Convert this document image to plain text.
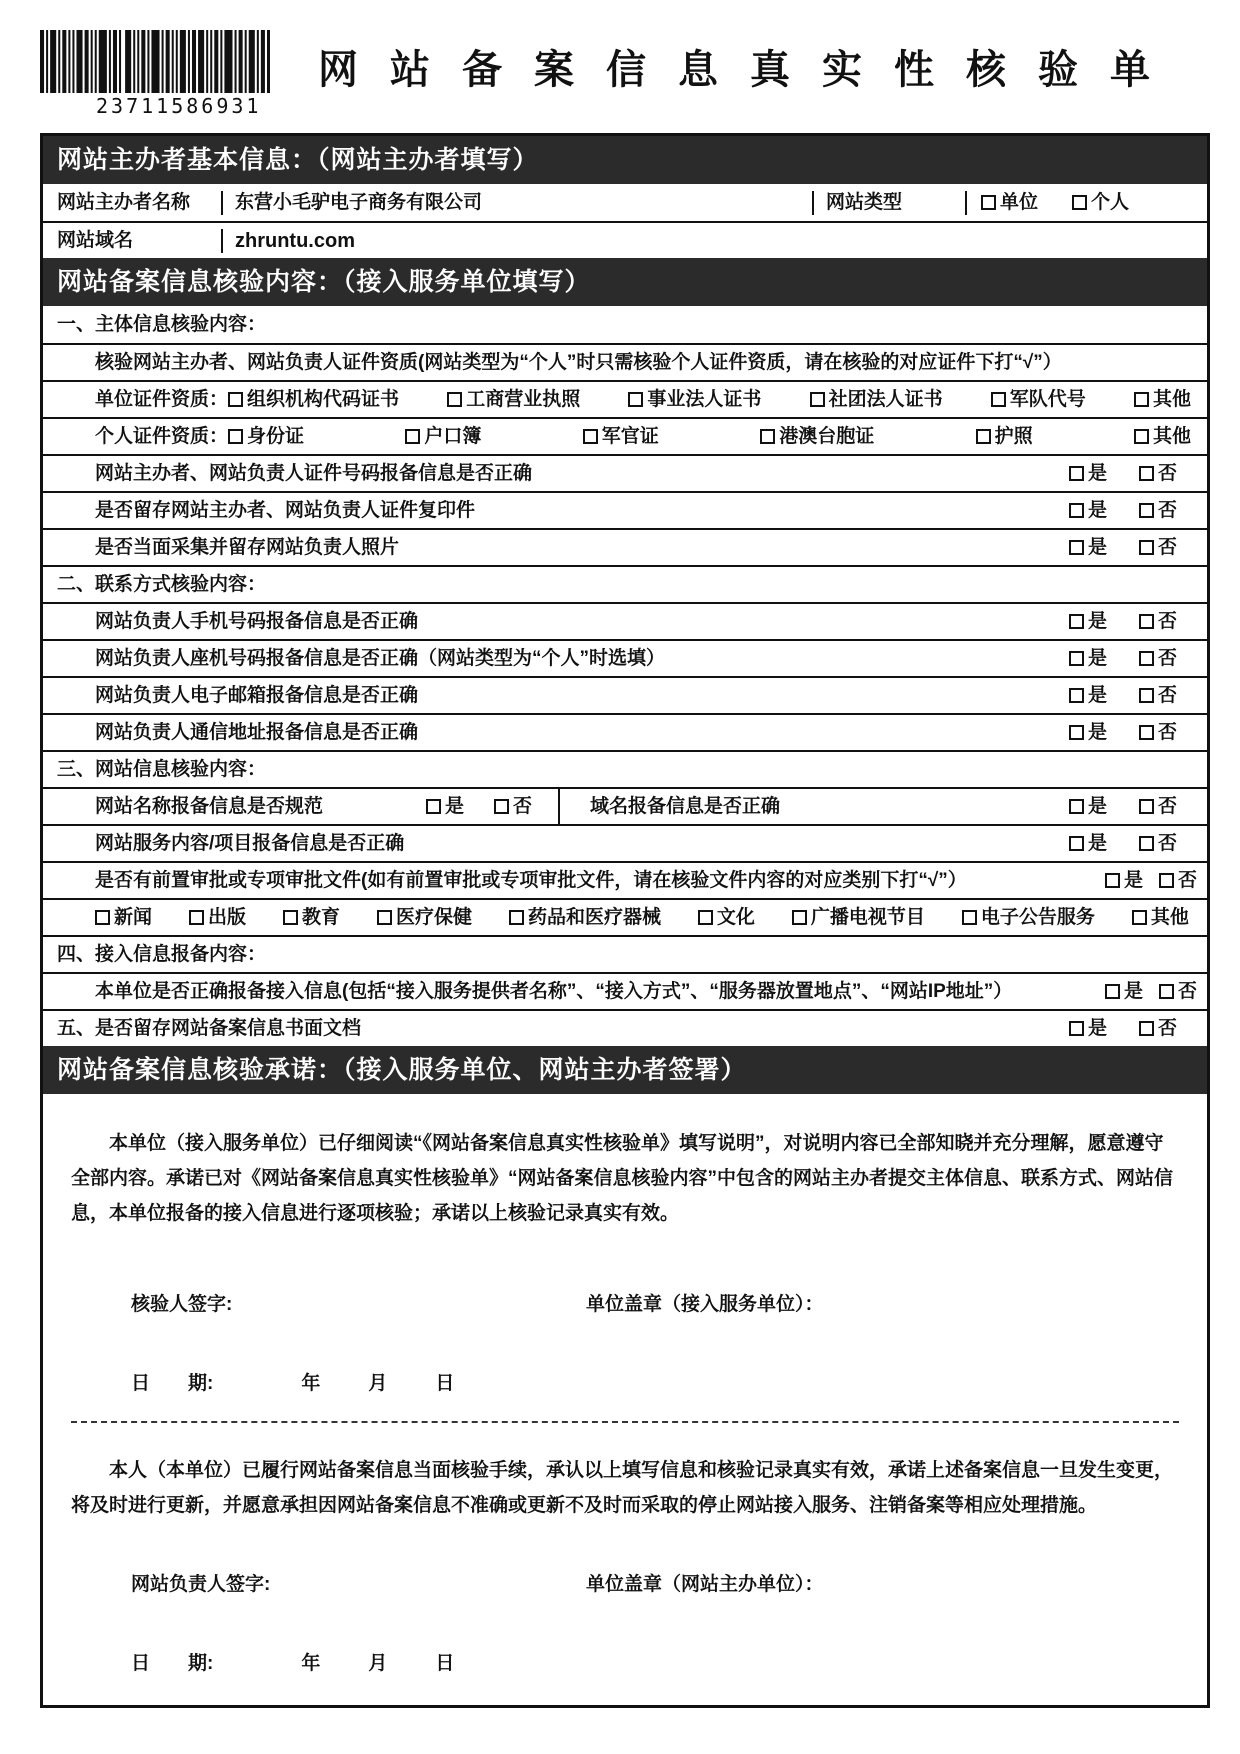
23711586931
网站备案信息真实性核验单
网站主办者基本信息：（网站主办者填写）
网站主办者名称	东营小毛驴电子商务有限公司	网站类型	单位	个人
网站域名	zhruntu.com
网站备案信息核验内容：（接入服务单位填写）
一、主体信息核验内容：
核验网站主办者、网站负责人证件资质(网站类型为“个人”时只需核验个人证件资质，请在核验的对应证件下打“√”）
单位证件资质： 组织机构代码证书	工商营业执照	事业法人证书	社团法人证书	军队代号	其他
个人证件资质： 身份证	户口簿	军官证	港澳台胞证	护照	其他
网站主办者、网站负责人证件号码报备信息是否正确	是	否
是否留存网站主办者、网站负责人证件复印件	是	否
是否当面采集并留存网站负责人照片	是	否
二、联系方式核验内容：
网站负责人手机号码报备信息是否正确	是	否
网站负责人座机号码报备信息是否正确（网站类型为“个人”时选填）	是	否
网站负责人电子邮箱报备信息是否正确	是	否
网站负责人通信地址报备信息是否正确	是	否
三、网站信息核验内容：
网站名称报备信息是否规范	是	否	域名报备信息是否正确	是	否
网站服务内容/项目报备信息是否正确	是	否
是否有前置审批或专项审批文件(如有前置审批或专项审批文件，请在核验文件内容的对应类别下打“√”）	是 否
新闻	出版	教育	医疗保健	药品和医疗器械	文化	广播电视节目	电子公告服务	其他
四、接入信息报备内容：
本单位是否正确报备接入信息(包括“接入服务提供者名称”、“接入方式”、“服务器放置地点”、“网站IP地址”）	是 否
五、是否留存网站备案信息书面文档	是	否
网站备案信息核验承诺：（接入服务单位、网站主办者签署）

本单位（接入服务单位）已仔细阅读“《网站备案信息真实性核验单》填写说明”，对说明内容已全部知晓并充分理解，愿意遵守全部内容。承诺已对《网站备案信息真实性核验单》“网站备案信息核验内容”中包含的网站主办者提交主体信息、联系方式、网站信息，本单位报备的接入信息进行逐项核验；承诺以上核验记录真实有效。

核验人签字:	单位盖章（接入服务单位）：
日　　期:	年	月	日

本人（本单位）已履行网站备案信息当面核验手续，承认以上填写信息和核验记录真实有效，承诺上述备案信息一旦发生变更，将及时进行更新，并愿意承担因网站备案信息不准确或更新不及时而采取的停止网站接入服务、注销备案等相应处理措施。

网站负责人签字:	单位盖章（网站主办单位）：
日　　期:	年	月	日
